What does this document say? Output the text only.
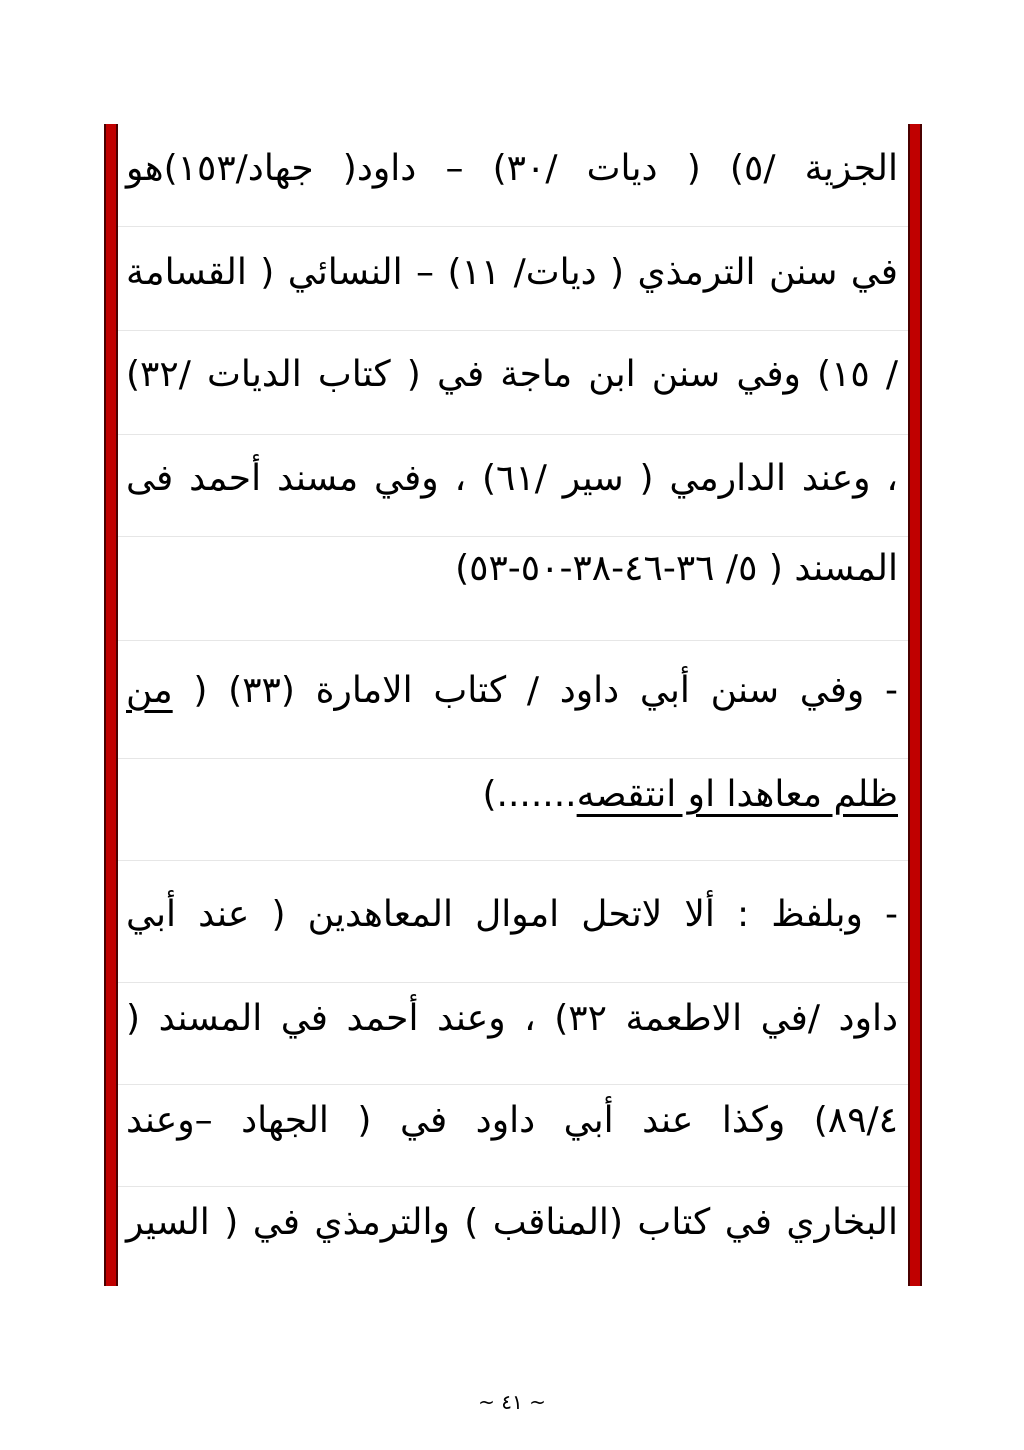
الجزية /٥) ( ديات /٣٠) – داود( جهاد/١٥٣)هو

في سنن الترمذي ( ديات/ ١١) – النسائي ( القسامة

/ ١٥) وفي سنن ابن ماجة في ( كتاب الديات /٣٢)

، وعند الدارمي ( سير /٦١) ، وفي مسند أحمد فى

المسند ( ٥/ ٣٦-٤٦-٣٨-٥٠-٥٣)

- وفي سنن أبي داود / كتاب الامارة (٣٣) ( من

ظلم معاهدا او انتقصه.......)

- وبلفظ : ألا لاتحل اموال المعاهدين ( عند أبي

داود /في الاطعمة ٣٢) ، وعند أحمد في المسند (

٨٩/٤) وكذا عند أبي داود في ( الجهاد –وعند

البخاري في كتاب (المناقب ) والترمذي في ( السير

~ ٤١ ~
